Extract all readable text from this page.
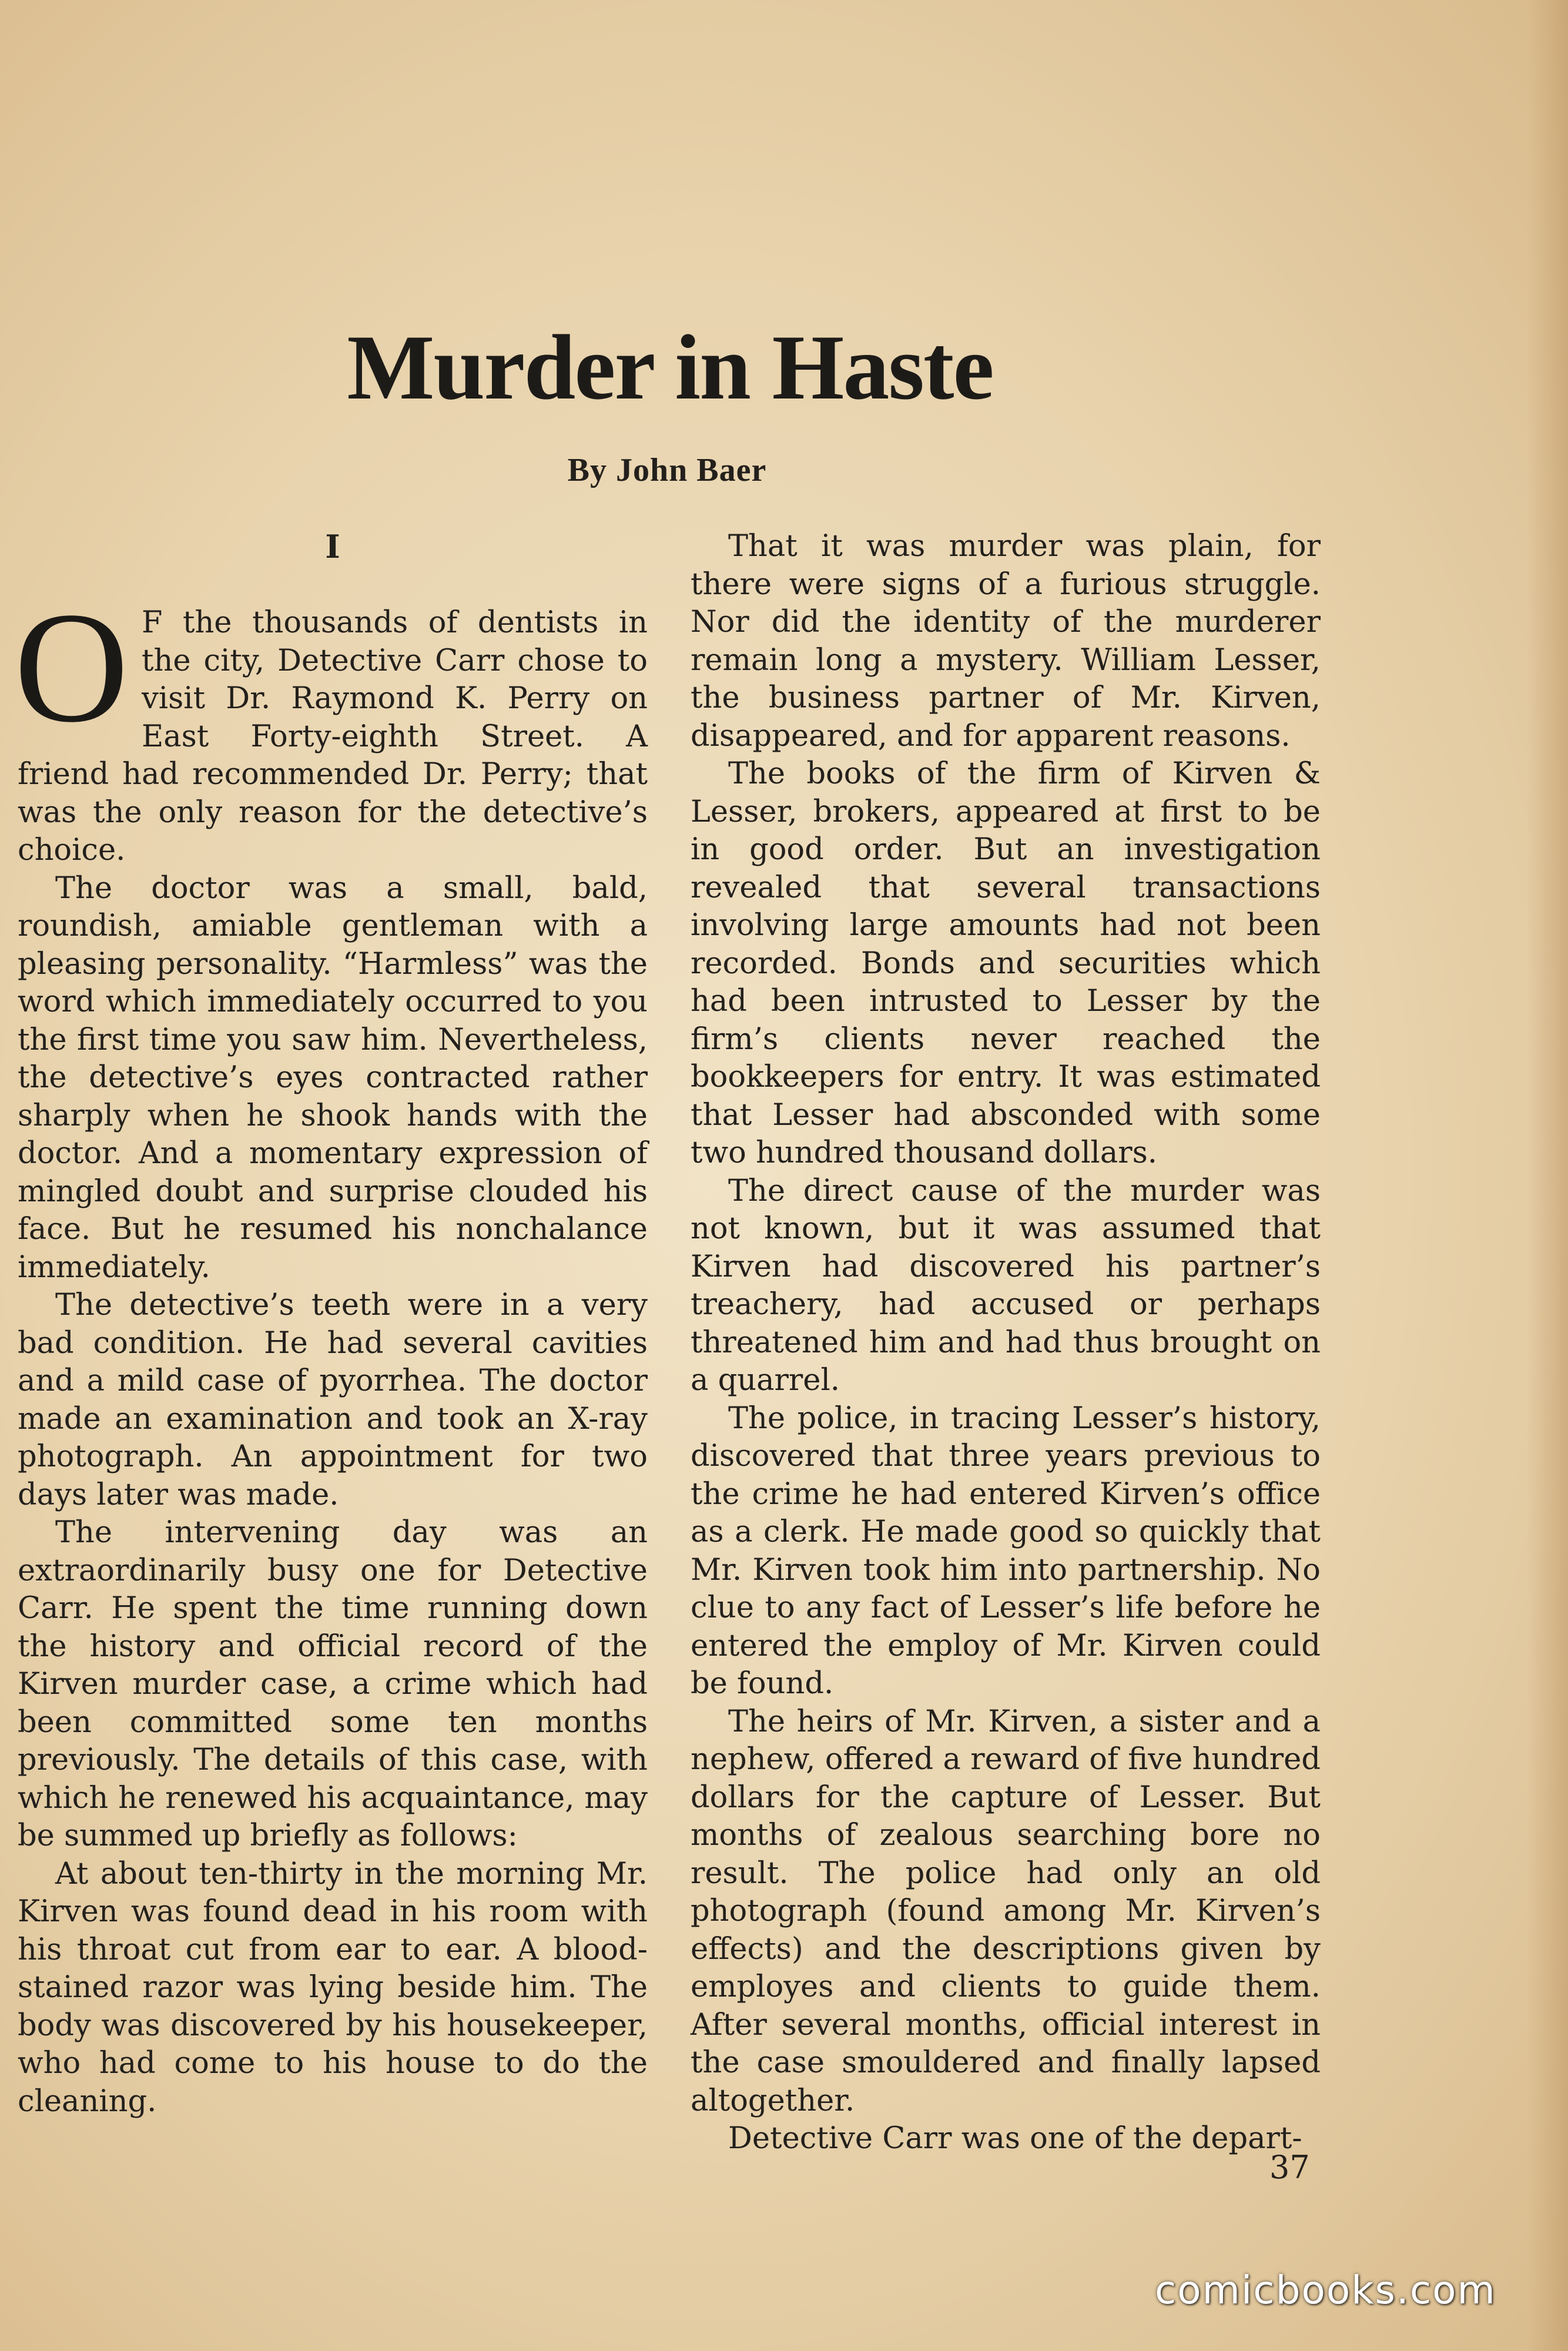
Murder in Haste
By John Baer
I

O F the thousands of dentists in the city, Detective Carr chose to visit Dr. Raymond K. Perry on East Forty-eighth Street. A friend had recommended Dr. Perry; that was the only reason for the detective’s choice.

The doctor was a small, bald, roundish, amiable gentleman with a pleasing personality. “Harmless” was the word which immediately occurred to you the first time you saw him. Nevertheless, the detective’s eyes contracted rather sharply when he shook hands with the doctor. And a momentary expression of mingled doubt and surprise clouded his face. But he resumed his nonchalance immediately.

The detective’s teeth were in a very bad condition. He had several cavities and a mild case of pyorrhea. The doctor made an examination and took an X-ray photograph. An appointment for two days later was made.

The intervening day was an extraordinarily busy one for Detective Carr. He spent the time running down the history and official record of the Kirven murder case, a crime which had been committed some ten months previously. The details of this case, with which he renewed his acquaintance, may be summed up briefly as follows:

At about ten-thirty in the morning Mr. Kirven was found dead in his room with his throat cut from ear to ear. A blood-stained razor was lying beside him. The body was discovered by his housekeeper, who had come to his house to do the cleaning.

That it was murder was plain, for there were signs of a furious struggle. Nor did the identity of the murderer remain long a mystery. William Lesser, the business partner of Mr. Kirven, disappeared, and for apparent reasons.

The books of the firm of Kirven & Lesser, brokers, appeared at first to be in good order. But an investigation revealed that several transactions involving large amounts had not been recorded. Bonds and securities which had been intrusted to Lesser by the firm’s clients never reached the bookkeepers for entry. It was estimated that Lesser had absconded with some two hundred thousand dollars.

The direct cause of the murder was not known, but it was assumed that Kirven had discovered his partner’s treachery, had accused or perhaps threatened him and had thus brought on a quarrel.

The police, in tracing Lesser’s history, discovered that three years previous to the crime he had entered Kirven’s office as a clerk. He made good so quickly that Mr. Kirven took him into partnership. No clue to any fact of Lesser’s life before he entered the employ of Mr. Kirven could be found.

The heirs of Mr. Kirven, a sister and a nephew, offered a reward of five hundred dollars for the capture of Lesser. But months of zealous searching bore no result. The police had only an old photograph (found among Mr. Kirven’s effects) and the descriptions given by employes and clients to guide them. After several months, official interest in the case smouldered and finally lapsed altogether.

Detective Carr was one of the depart-

37
comicbooks.com
